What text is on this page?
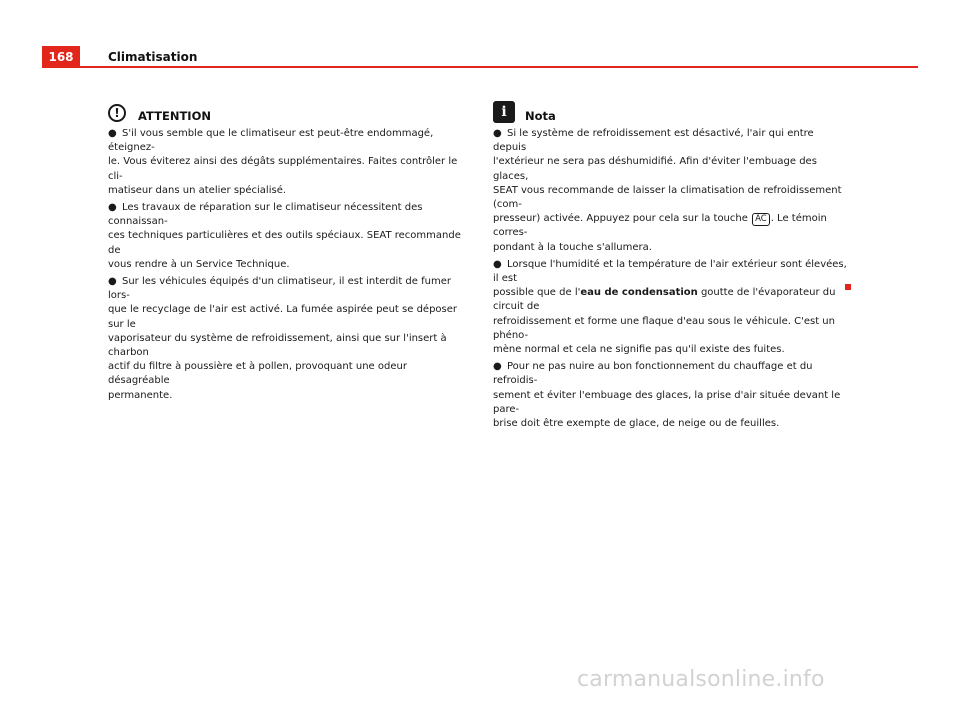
168	Climatisation
!	ATTENTION

● S'il vous semble que le climatiseur est peut-être endommagé, éteignez-
le. Vous éviterez ainsi des dégâts supplémentaires. Faites contrôler le cli-
matiseur dans un atelier spécialisé.

● Les travaux de réparation sur le climatiseur nécessitent des connaissan-
ces techniques particulières et des outils spéciaux. SEAT recommande de
vous rendre à un Service Technique.

● Sur les véhicules équipés d'un climatiseur, il est interdit de fumer lors-
que le recyclage de l'air est activé. La fumée aspirée peut se déposer sur le
vaporisateur du système de refroidissement, ainsi que sur l'insert à charbon
actif du filtre à poussière et à pollen, provoquant une odeur désagréable
permanente.

i	Nota

● Si le système de refroidissement est désactivé, l'air qui entre depuis
l'extérieur ne sera pas déshumidifié. Afin d'éviter l'embuage des glaces,
SEAT vous recommande de laisser la climatisation de refroidissement (com-
presseur) activée. Appuyez pour cela sur la touche AC . Le témoin corres-
pondant à la touche s'allumera.

● Lorsque l'humidité et la température de l'air extérieur sont élevées, il est
possible que de l'eau de condensation goutte de l'évaporateur du circuit de
refroidissement et forme une flaque d'eau sous le véhicule. C'est un phéno-
mène normal et cela ne signifie pas qu'il existe des fuites.

● Pour ne pas nuire au bon fonctionnement du chauffage et du refroidis-
sement et éviter l'embuage des glaces, la prise d'air située devant le pare-
brise doit être exempte de glace, de neige ou de feuilles.

carmanualsonline.info
